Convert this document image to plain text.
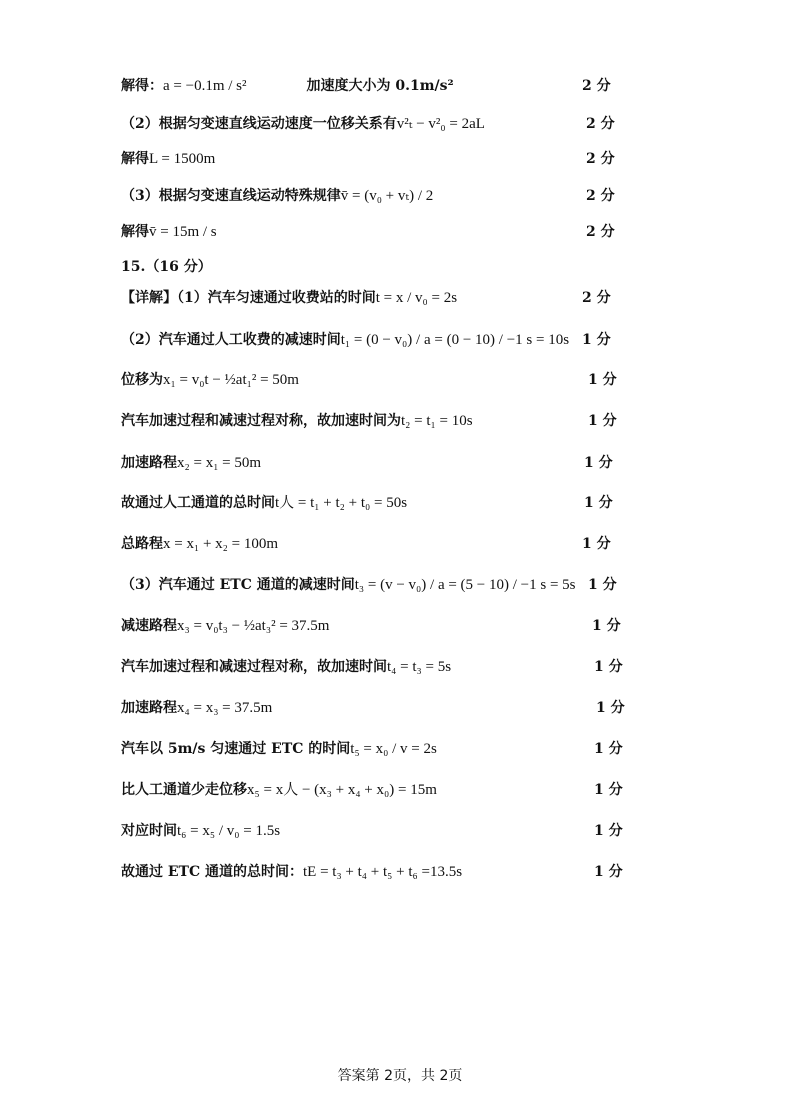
解得：a = −0.1m / s²	加速度大小为 0.1m/s²	2 分
（2）根据匀变速直线运动速度一位移关系有v²ₜ − v²₀ = 2aL	2 分
解得L = 1500m	2 分
（3）根据匀变速直线运动特殊规律v̄ = (v₀ + vₜ) / 2	2 分
解得v̄ = 15m / s	2 分
15.（16 分）
【详解】（1）汽车匀速通过收费站的时间t = x / v₀ = 2s	2 分
（2）汽车通过人工收费的减速时间t₁ = (0 − v₀) / a = (0 − 10) / −1 s = 10s 1 分
位移为x₁ = v₀t − ½at₁² = 50m	1 分
汽车加速过程和减速过程对称，故加速时间为t₂ = t₁ = 10s	1 分
加速路程x₂ = x₁ = 50m	1 分
故通过人工通道的总时间t人 = t₁ + t₂ + t₀ = 50s	1 分
总路程x = x₁ + x₂ = 100m	1 分
（3）汽车通过 ETC 通道的减速时间t₃ = (v − v₀) / a = (5 − 10) / −1 s = 5s 1 分
减速路程x₃ = v₀t₃ − ½at₃² = 37.5m	1 分
汽车加速过程和减速过程对称，故加速时间t₄ = t₃ = 5s	1 分
加速路程x₄ = x₃ = 37.5m	1 分
汽车以 5m/s 匀速通过 ETC 的时间t₅ = x₀ / v = 2s	1 分
比人工通道少走位移x₅ = x人 − (x₃ + x₄ + x₀) = 15m	1 分
对应时间t₆ = x₅ / v₀ = 1.5s	1 分
故通过 ETC 通道的总时间：tE = t₃ + t₄ + t₅ + t₆ =13.5s	1 分
答案第 2页，共 2页
